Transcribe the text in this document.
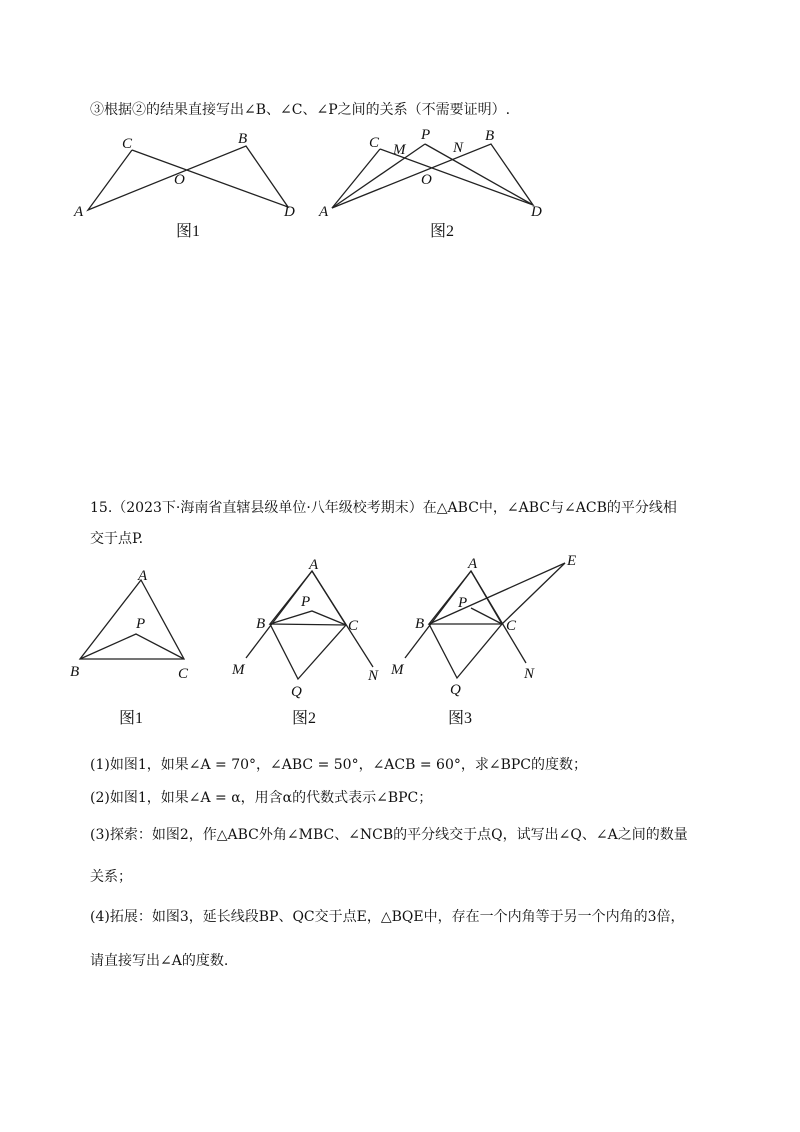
③根据②的结果直接写出∠B、∠C、∠P之间的关系（不需要证明）.
C	B
O
A	D
图1
C M
P
N
B
O
A	D
图2
15.（2023下·海南省直辖县级单位·八年级校考期末）在△ABC中，∠ABC与∠ACB的平分线相
交于点P.
A
P
B	C
图1
A
P
B	C
M	N
Q
图2
A	E
P
B	C
M	N
Q
图3
(1)如图1，如果∠A = 70°，∠ABC = 50°，∠ACB = 60°，求∠BPC的度数；
(2)如图1，如果∠A = α，用含α的代数式表示∠BPC；
(3)探索：如图2，作△ABC外角∠MBC、∠NCB的平分线交于点Q，试写出∠Q、∠A之间的数量
关系；
(4)拓展：如图3，延长线段BP、QC交于点E，△BQE中，存在一个内角等于另一个内角的3倍，
请直接写出∠A的度数.
